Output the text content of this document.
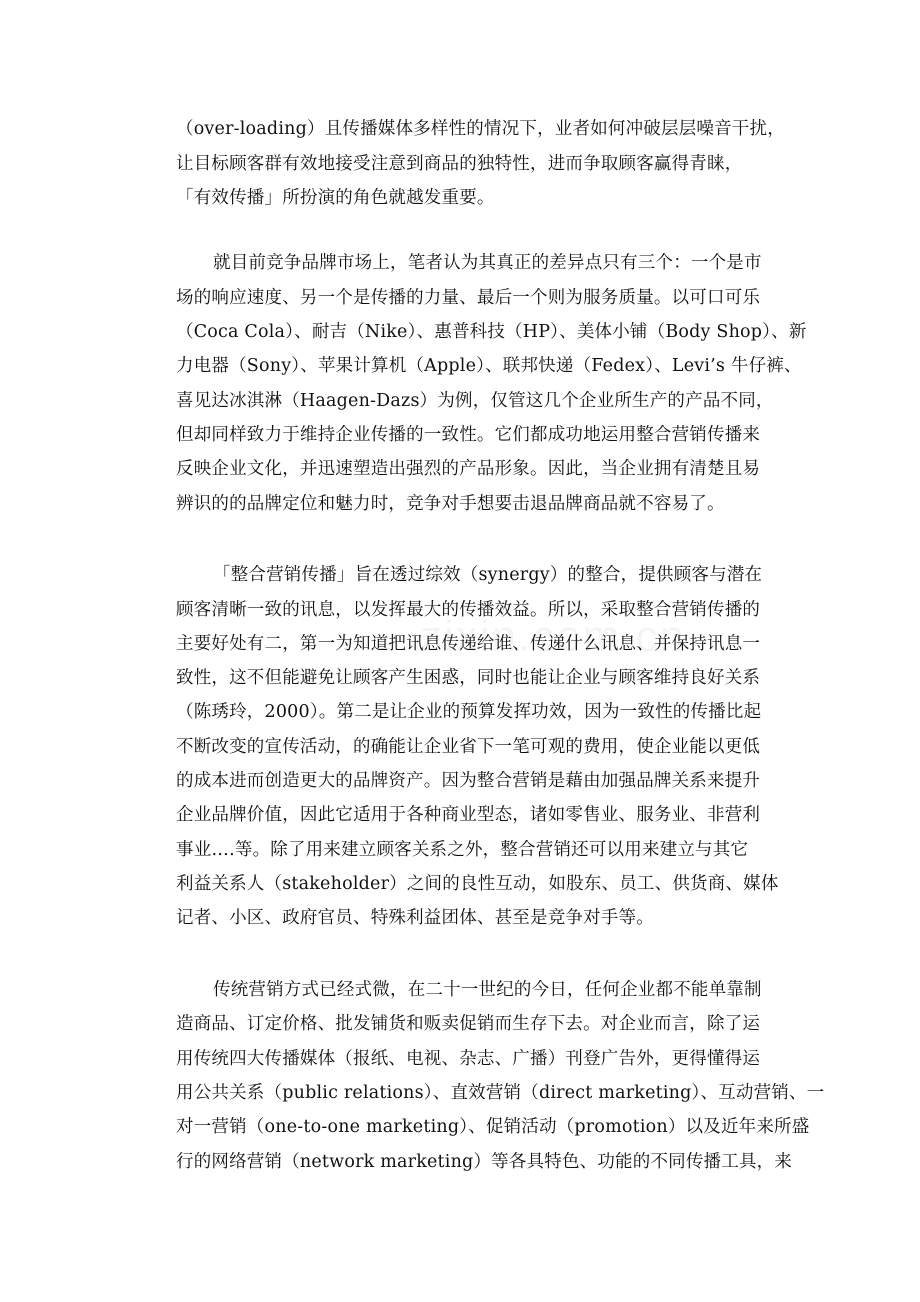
（over-loading）且传播媒体多样性的情况下，业者如何冲破层层噪音干扰，
让目标顾客群有效地接受注意到商品的独特性，进而争取顾客赢得青睐，
「有效传播」所扮演的角色就越发重要。
就目前竞争品牌市场上，笔者认为其真正的差异点只有三个：一个是市
场的响应速度、另一个是传播的力量、最后一个则为服务质量。以可口可乐
（Coca Cola）、耐吉（Nike）、惠普科技（HP）、美体小铺（Body Shop）、新
力电器（Sony）、苹果计算机（Apple）、联邦快递（Fedex）、Levi’s 牛仔裤、
喜见达冰淇淋（Haagen-Dazs）为例，仅管这几个企业所生产的产品不同，
但却同样致力于维持企业传播的一致性。它们都成功地运用整合营销传播来
反映企业文化，并迅速塑造出强烈的产品形象。因此，当企业拥有清楚且易
辨识的的品牌定位和魅力时，竞争对手想要击退品牌商品就不容易了。
「整合营销传播」旨在透过综效（synergy）的整合，提供顾客与潜在
顾客清晰一致的讯息，以发挥最大的传播效益。所以，采取整合营销传播的
主要好处有二，第一为知道把讯息传递给谁、传递什么讯息、并保持讯息一
致性，这不但能避免让顾客产生困惑，同时也能让企业与顾客维持良好关系
（陈琇玲，2000）。第二是让企业的预算发挥功效，因为一致性的传播比起
不断改变的宣传活动，的确能让企业省下一笔可观的费用，使企业能以更低
的成本进而创造更大的品牌资产。因为整合营销是藉由加强品牌关系来提升
企业品牌价值，因此它适用于各种商业型态，诸如零售业、服务业、非营利
事业….等。除了用来建立顾客关系之外，整合营销还可以用来建立与其它
利益关系人（stakeholder）之间的良性互动，如股东、员工、供货商、媒体
记者、小区、政府官员、特殊利益团体、甚至是竞争对手等。
传统营销方式已经式微，在二十一世纪的今日，任何企业都不能单靠制
造商品、订定价格、批发铺货和贩卖促销而生存下去。对企业而言，除了运
用传统四大传播媒体（报纸、电视、杂志、广播）刊登广告外，更得懂得运
用公共关系（public relations）、直效营销（direct marketing）、互动营销、一
对一营销（one-to-one marketing）、促销活动（promotion）以及近年来所盛
行的网络营销（network marketing）等各具特色、功能的不同传播工具，来
